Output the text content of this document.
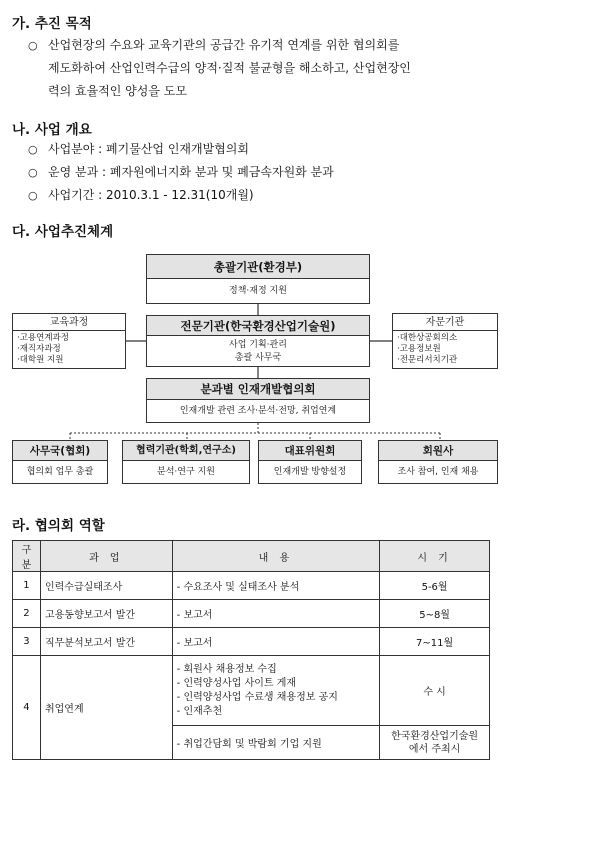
가. 추진 목적
○ 산업현장의 수요와 교육기관의 공급간 유기적 연계를 위한 협의회를
제도화하여 산업인력수급의 양적·질적 불균형을 해소하고, 산업현장인
력의 효율적인 양성을 도모
나. 사업 개요
○ 사업분야 : 폐기물산업 인재개발협의회
○ 운영 분과 : 폐자원에너지화 분과 및 폐금속자원화 분과
○ 사업기간 : 2010.3.1 - 12.31(10개월)
다. 사업추진체계
총괄기관(환경부)
정책·재정 지원
전문기관(한국환경산업기술원)
사업 기획·관리
총괄 사무국
교육과정
·고용연계과정
·재직자과정
·대학원 지원
자문기관
·대한상공회의소
·고용정보원
·전문리서치기관
분과별 인재개발협의회
인재개발 관련 조사·분석·전망, 취업연계
사무국(협회)
협의회 업무 총괄
협력기관(학회,연구소)
분석·연구 지원
대표위원회
인재개발 방향설정
회원사
조사 참여, 인재 채용
라. 협의회 역할
구분	과 업	내 용	시 기
1	인력수급실태조사	- 수요조사 및 실태조사 분석	5-6월
2	고용동향보고서 발간	- 보고서	5~8월
3	직무분석보고서 발간	- 보고서	7~11월
4	취업연계	- 회원사 채용정보 수집
- 인력양성사업 사이트 게재
- 인력양성사업 수료생 채용정보 공지
- 인재추천	수 시
		- 취업간담회 및 박람회 기업 지원	한국환경산업기술원
에서 주최시
